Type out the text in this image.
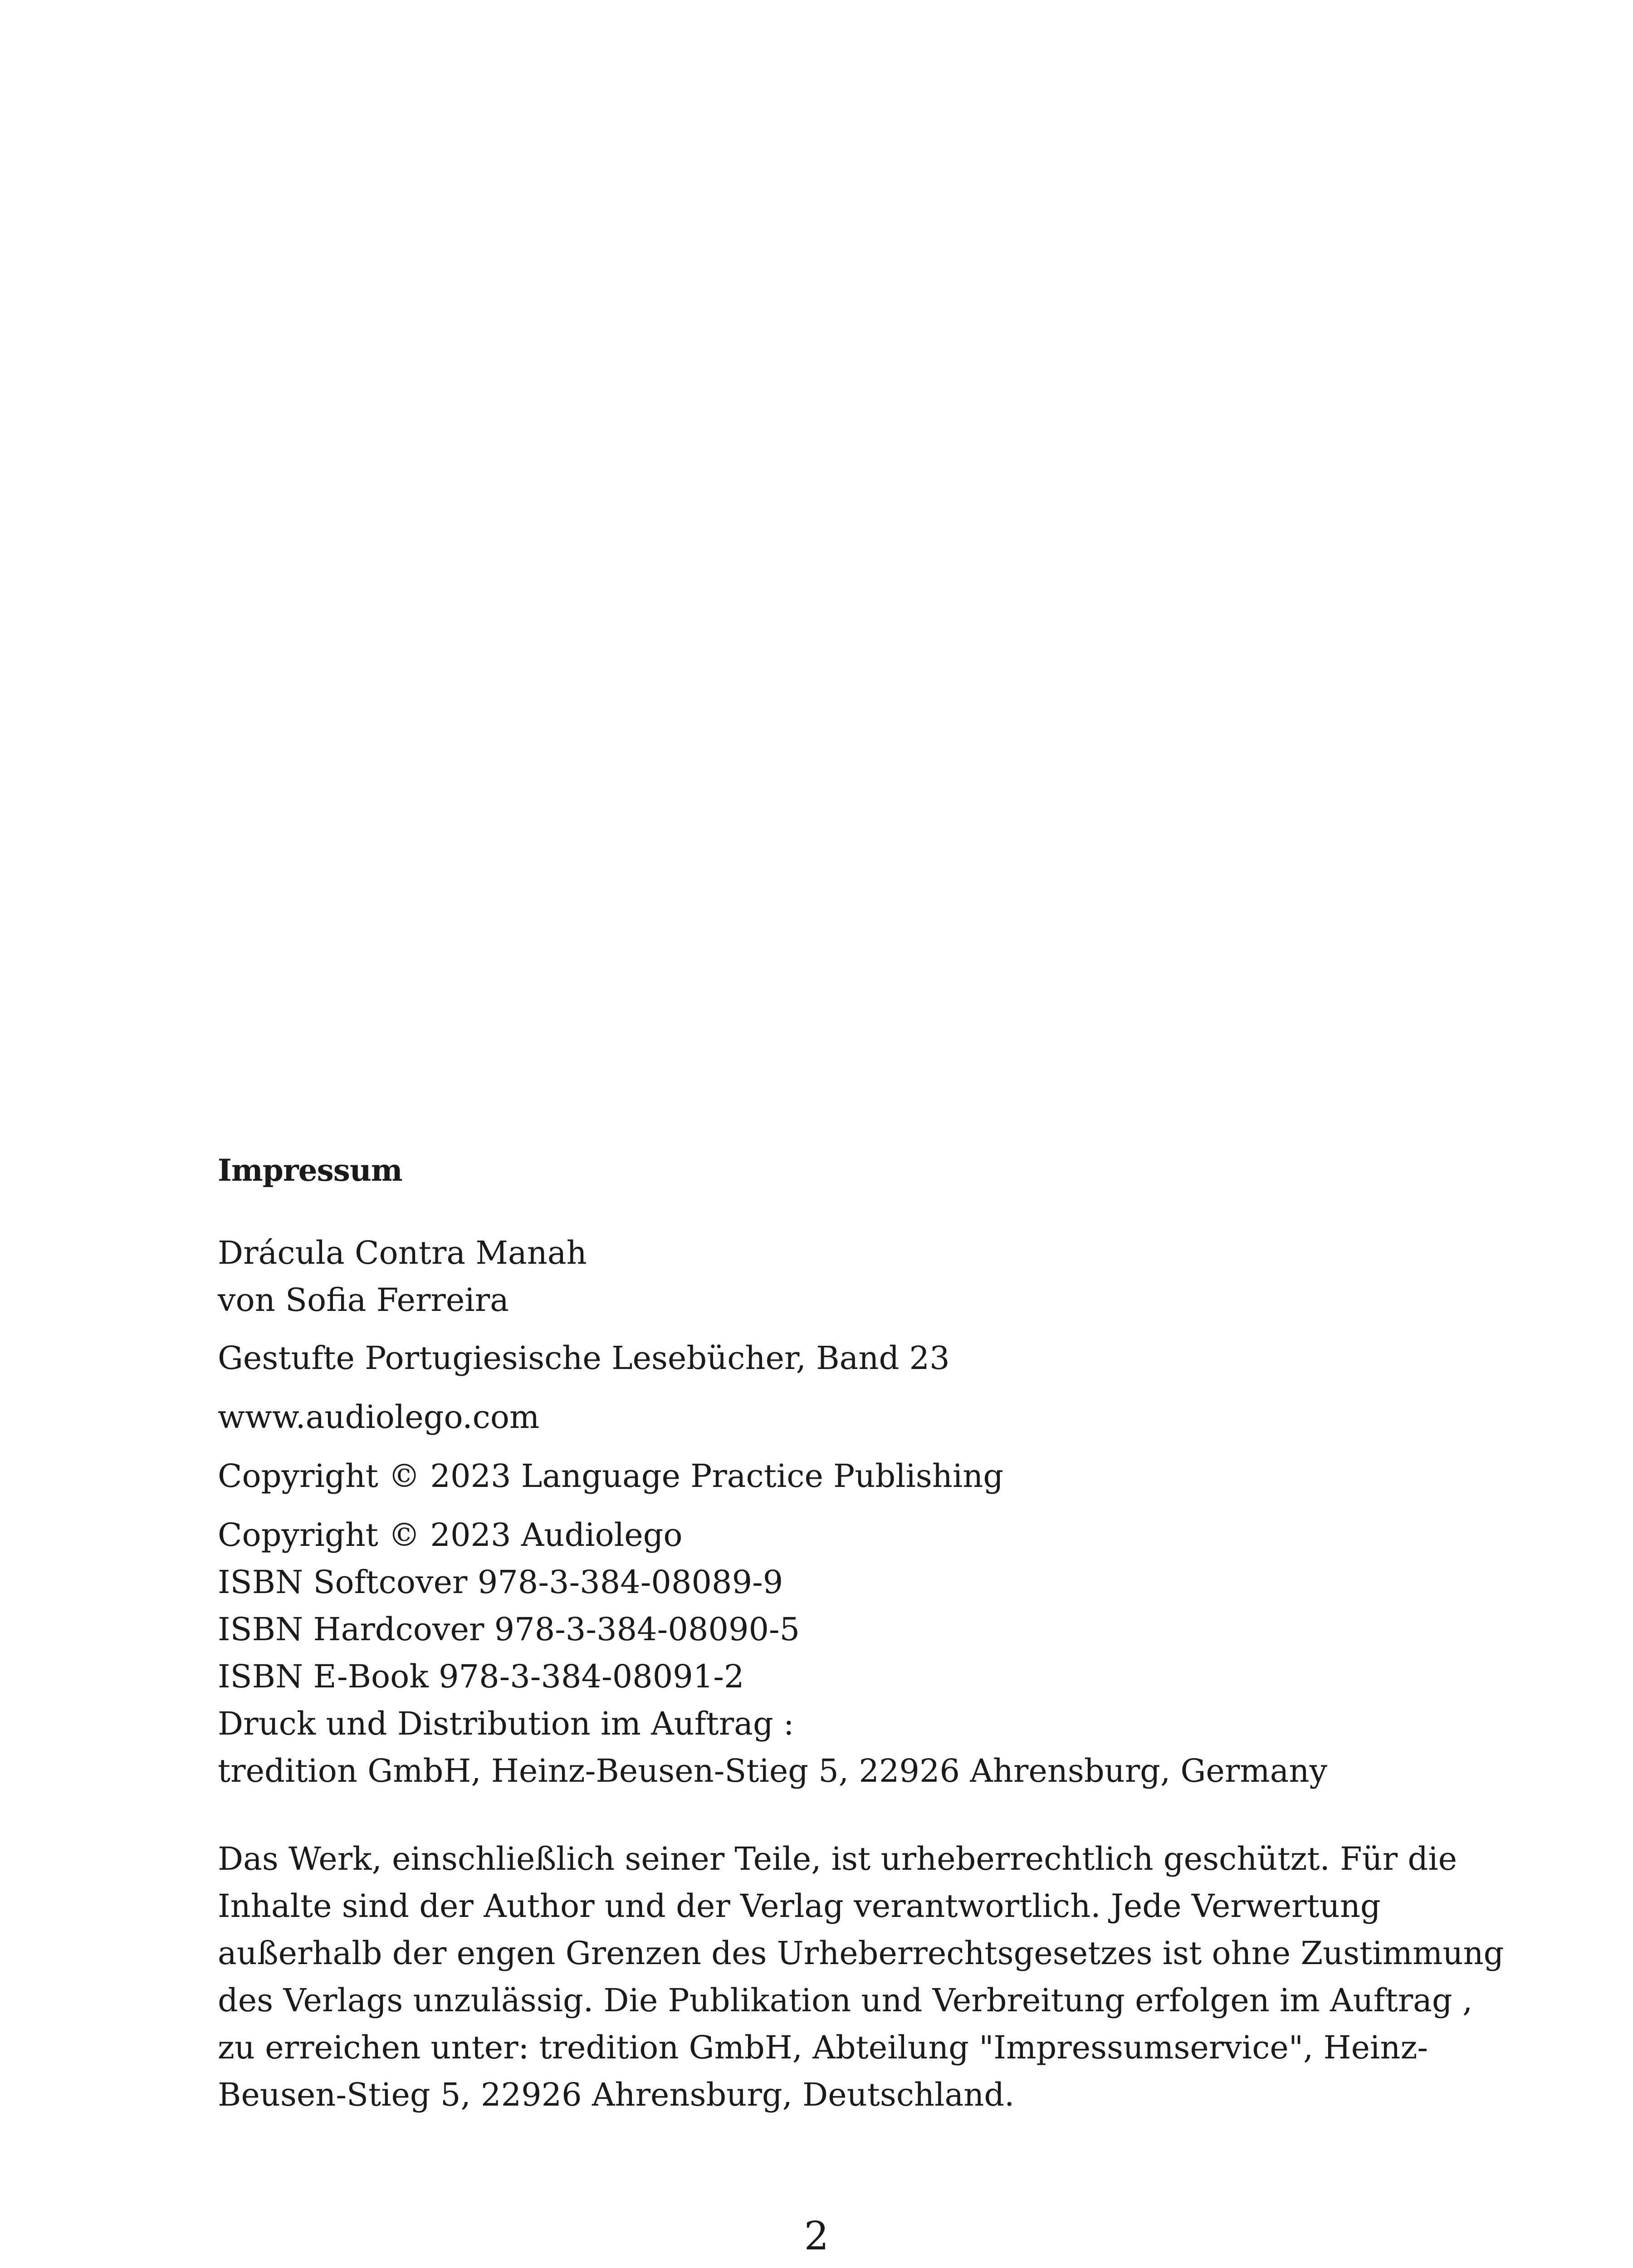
Impressum

Drácula Contra Manah

von Sofia Ferreira

Gestufte Portugiesische Lesebücher, Band 23

www.audiolego.com

Copyright © 2023 Language Practice Publishing

Copyright © 2023 Audiolego

ISBN Softcover 978-3-384-08089-9

ISBN Hardcover 978-3-384-08090-5

ISBN E-Book 978-3-384-08091-2

Druck und Distribution im Auftrag :

tredition GmbH, Heinz-Beusen-Stieg 5, 22926 Ahrensburg, Germany

Das Werk, einschließlich seiner Teile, ist urheberrechtlich geschützt. Für die

Inhalte sind der Author und der Verlag verantwortlich. Jede Verwertung

außerhalb der engen Grenzen des Urheberrechtsgesetzes ist ohne Zustimmung

des Verlags unzulässig. Die Publikation und Verbreitung erfolgen im Auftrag ,

zu erreichen unter: tredition GmbH, Abteilung "Impressumservice", Heinz-

Beusen-Stieg 5, 22926 Ahrensburg, Deutschland.

2
